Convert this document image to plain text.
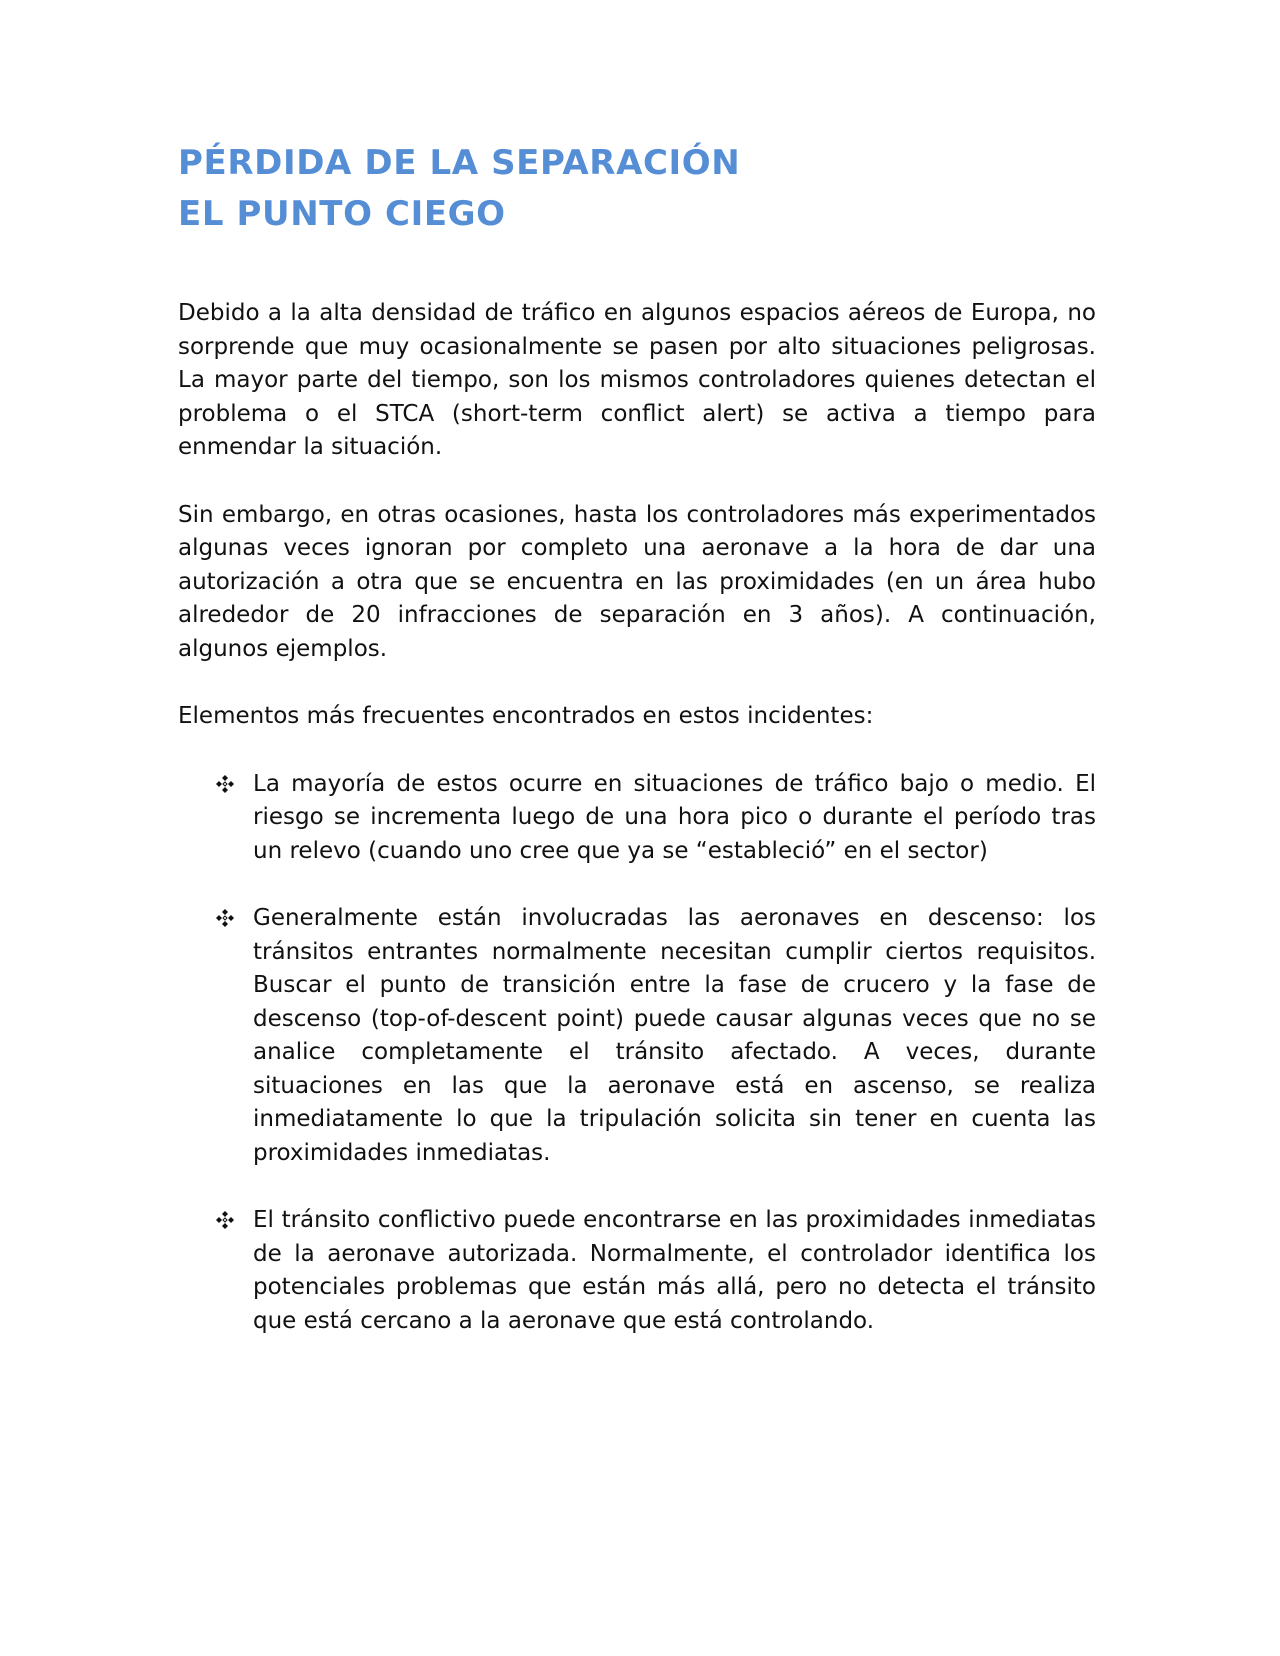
PÉRDIDA DE LA SEPARACIÓN
EL PUNTO CIEGO

Debido a la alta densidad de tráfico en algunos espacios aéreos de Europa, no sorprende que muy ocasionalmente se pasen por alto situaciones peligrosas. La mayor parte del tiempo, son los mismos controladores quienes detectan el problema o el STCA (short-term conflict alert) se activa a tiempo para enmendar la situación.

Sin embargo, en otras ocasiones, hasta los controladores más experimentados algunas veces ignoran por completo una aeronave a la hora de dar una autorización a otra que se encuentra en las proximidades (en un área hubo alrededor de 20 infracciones de separación en 3 años). A continuación, algunos ejemplos.

Elementos más frecuentes encontrados en estos incidentes:

La mayoría de estos ocurre en situaciones de tráfico bajo o medio. El riesgo se incrementa luego de una hora pico o durante el período tras un relevo (cuando uno cree que ya se “estableció” en el sector)
Generalmente están involucradas las aeronaves en descenso: los tránsitos entrantes normalmente necesitan cumplir ciertos requisitos. Buscar el punto de transición entre la fase de crucero y la fase de descenso (top-of-descent point) puede causar algunas veces que no se analice completamente el tránsito afectado. A veces, durante situaciones en las que la aeronave está en ascenso, se realiza inmediatamente lo que la tripulación solicita sin tener en cuenta las proximidades inmediatas.
El tránsito conflictivo puede encontrarse en las proximidades inmediatas de la aeronave autorizada. Normalmente, el controlador identifica los potenciales problemas que están más allá, pero no detecta el tránsito que está cercano a la aeronave que está controlando.
